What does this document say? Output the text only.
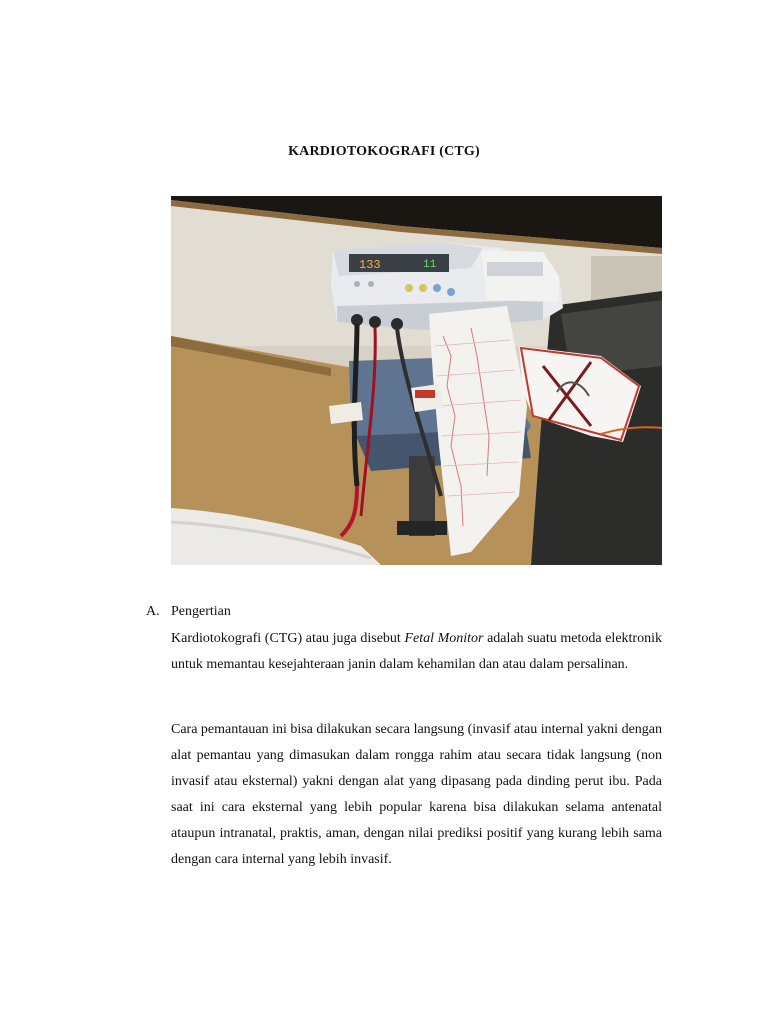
KARDIOTOKOGRAFI (CTG)
133	11
A. Pengertian

Kardiotokografi (CTG) atau juga disebut Fetal Monitor adalah suatu metoda elektronik untuk memantau kesejahteraan janin dalam kehamilan dan atau dalam persalinan.

Cara pemantauan ini bisa dilakukan secara langsung (invasif atau internal yakni dengan alat pemantau yang dimasukan dalam rongga rahim atau secara tidak langsung (non invasif atau eksternal) yakni dengan alat yang dipasang pada dinding perut ibu. Pada saat ini cara eksternal yang lebih popular karena bisa dilakukan selama antenatal ataupun intranatal, praktis, aman, dengan nilai prediksi positif yang kurang lebih sama dengan cara internal yang lebih invasif.
